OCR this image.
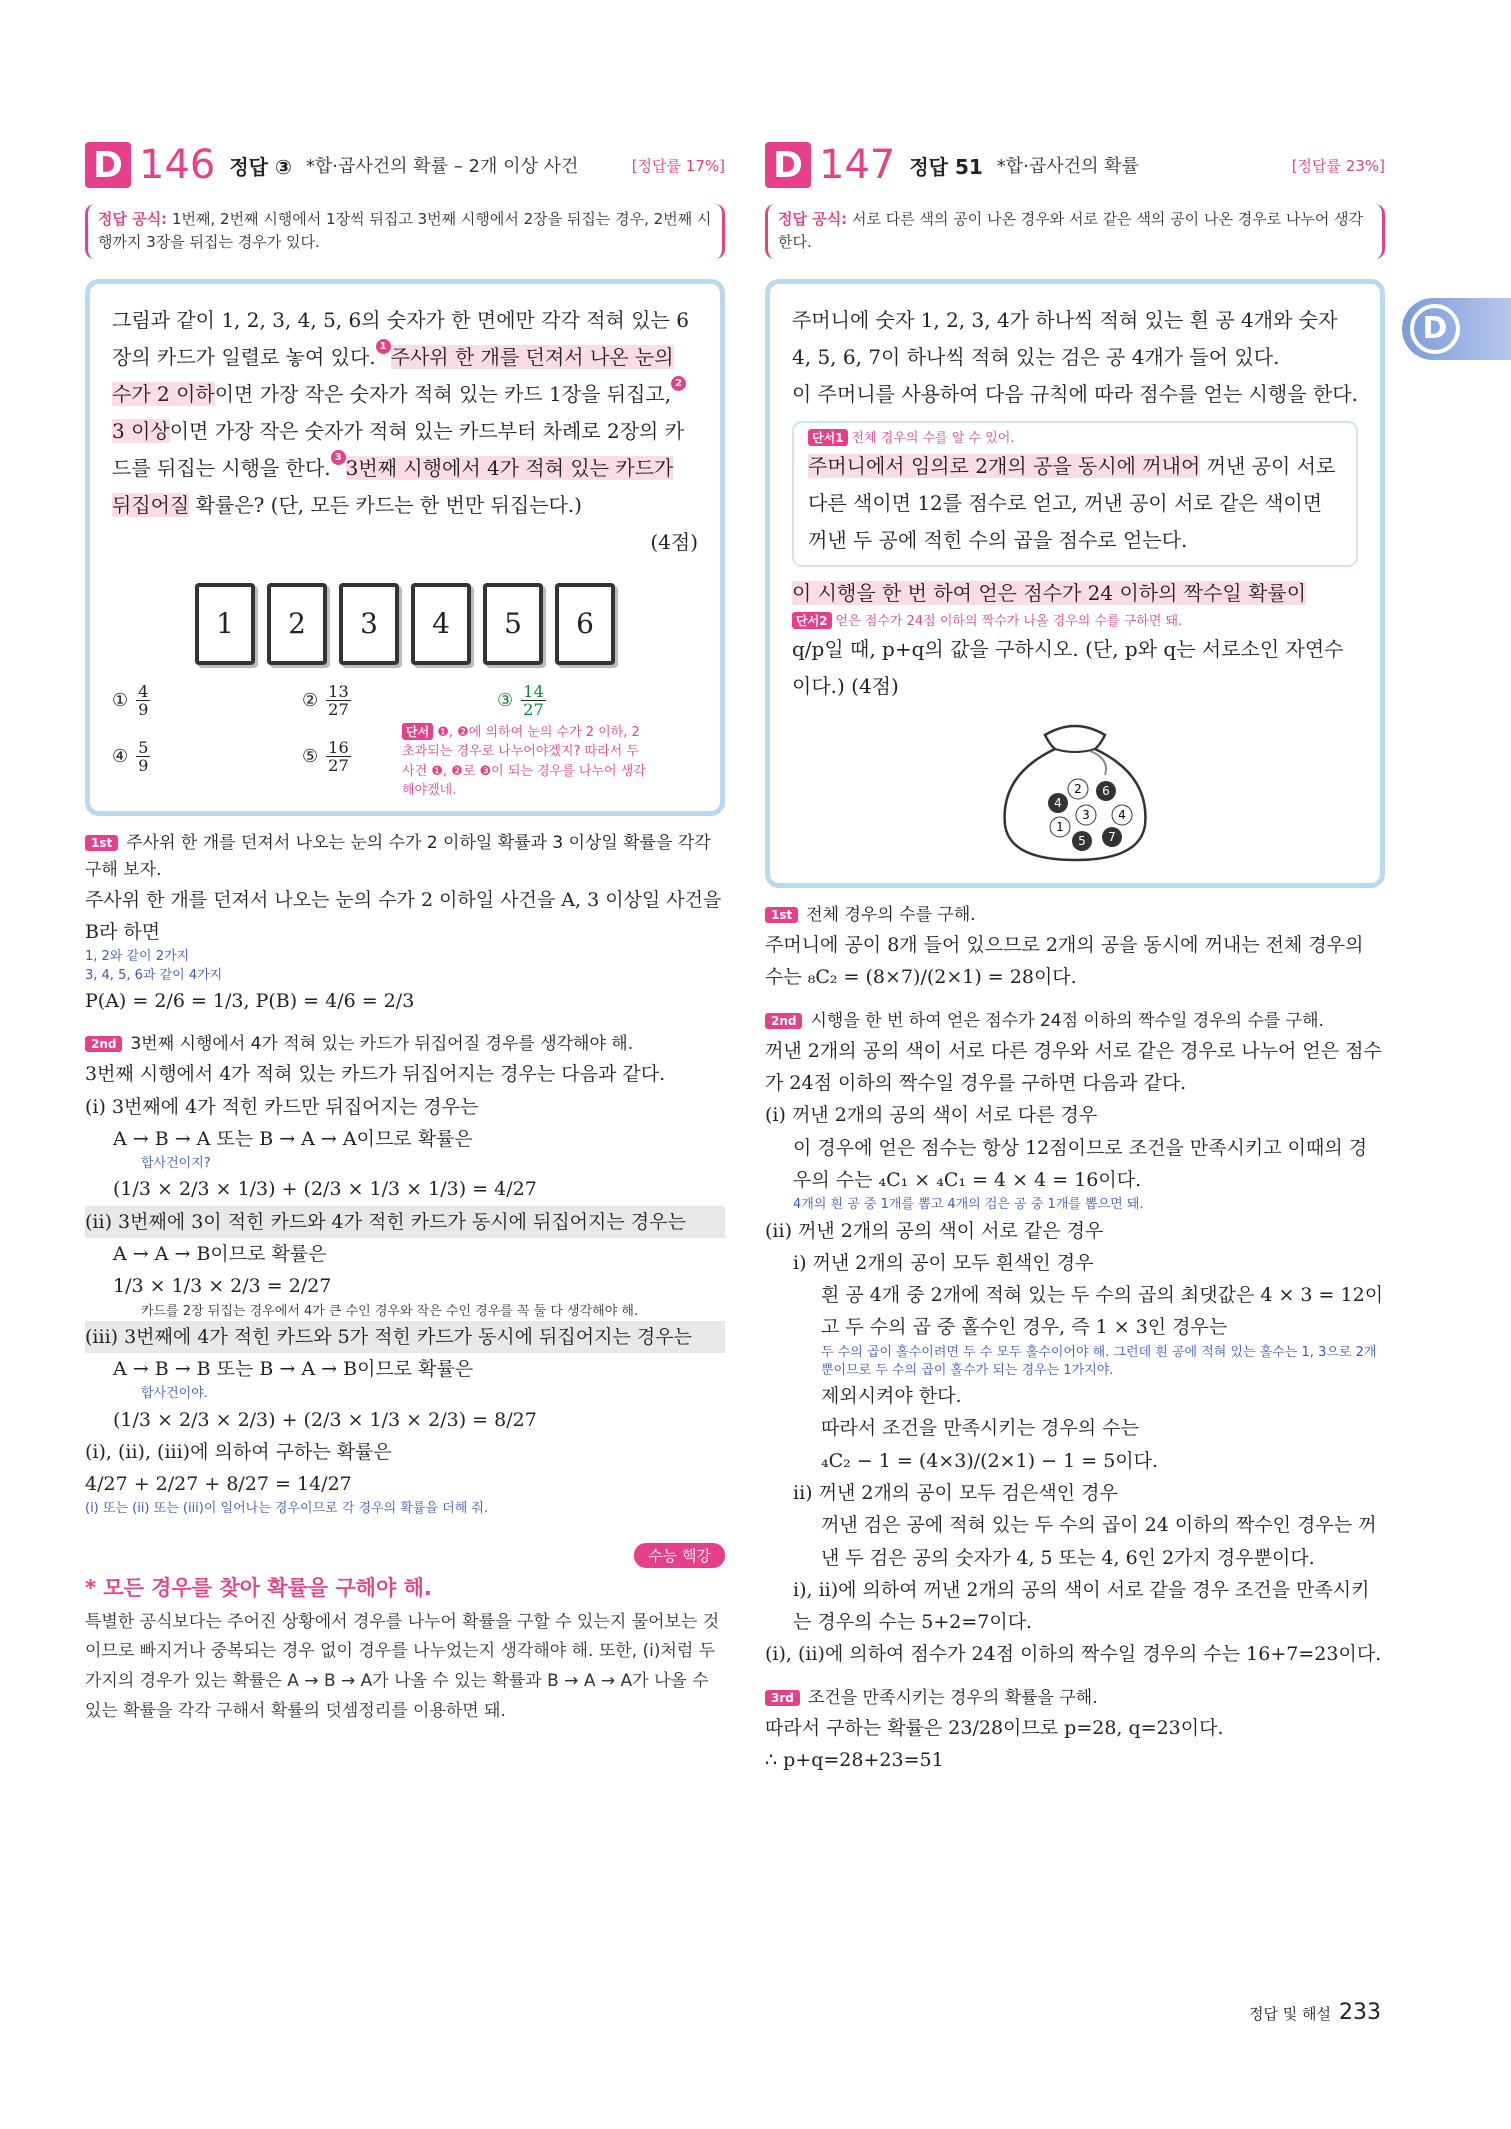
D 146 정답 ③ *합·곱사건의 확률 – 2개 이상 사건	[정답률 17%]
정답 공식: 1번째, 2번째 시행에서 1장씩 뒤집고 3번째 시행에서 2장을 뒤집는 경우, 2번째 시행까지 3장을 뒤집는 경우가 있다.
그림과 같이 1, 2, 3, 4, 5, 6의 숫자가 한 면에만 각각 적혀 있는 6장의 카드가 일렬로 놓여 있다. 1 주사위 한 개를 던져서 나온 눈의 수가 2 이하이면 가장 작은 숫자가 적혀 있는 카드 1장을 뒤집고, 23 이상이면 가장 작은 숫자가 적혀 있는 카드부터 차례로 2장의 카드를 뒤집는 시행을 한다. 3 3번째 시행에서 4가 적혀 있는 카드가 뒤집어질 확률은? (단, 모든 카드는 한 번만 뒤집는다.)
(4점)
1	2	3	4	5	6
① $\frac{4}{9}$	② $\frac{13}{27}$	③ $\frac{14}{27}$
④ $\frac{5}{9}$	⑤ $\frac{16}{27}$
단서 ❶, ❷에 의하여 눈의 수가 2 이하, 2 초과되는 경우로 나누어야겠지? 따라서 두 사건 ❶, ❷로 ❸이 되는 경우를 나누어 생각해야겠네.
1st 주사위 한 개를 던져서 나오는 눈의 수가 2 이하일 확률과 3 이상일 확률을 각각 구해 보자.
주사위 한 개를 던져서 나오는 눈의 수가 2 이하일 사건을 A, 3 이상일 사건을 B라 하면
1, 2와 같이 2가지
3, 4, 5, 6과 같이 4가지
P(A) = 2/6 = 1/3, P(B) = 4/6 = 2/3
2nd 3번째 시행에서 4가 적혀 있는 카드가 뒤집어질 경우를 생각해야 해.
3번째 시행에서 4가 적혀 있는 카드가 뒤집어지는 경우는 다음과 같다.
(i) 3번째에 4가 적힌 카드만 뒤집어지는 경우는
A → B → A 또는 B → A → A이므로 확률은
합사건이지?
(1/3 × 2/3 × 1/3) + (2/3 × 1/3 × 1/3) = 4/27
(ii) 3번째에 3이 적힌 카드와 4가 적힌 카드가 동시에 뒤집어지는 경우는
A → A → B이므로 확률은
1/3 × 1/3 × 2/3 = 2/27
카드를 2장 뒤집는 경우에서 4가 큰 수인 경우와 작은 수인 경우를 꼭 둘 다 생각해야 해.
(iii) 3번째에 4가 적힌 카드와 5가 적힌 카드가 동시에 뒤집어지는 경우는
A → B → B 또는 B → A → B이므로 확률은
합사건이야.
(1/3 × 2/3 × 2/3) + (2/3 × 1/3 × 2/3) = 8/27
(i), (ii), (iii)에 의하여 구하는 확률은
4/27 + 2/27 + 8/27 = 14/27
(i) 또는 (ii) 또는 (iii)이 일어나는 경우이므로 각 경우의 확률을 더해 줘.
수능 핵강
* 모든 경우를 찾아 확률을 구해야 해.
특별한 공식보다는 주어진 상황에서 경우를 나누어 확률을 구할 수 있는지 물어보는 것이므로 빠지거나 중복되는 경우 없이 경우를 나누었는지 생각해야 해. 또한, (i)처럼 두 가지의 경우가 있는 확률은 A → B → A가 나올 수 있는 확률과 B → A → A가 나올 수 있는 확률을 각각 구해서 확률의 덧셈정리를 이용하면 돼.
D 147 정답 51 *합·곱사건의 확률	[정답률 23%]
정답 공식: 서로 다른 색의 공이 나온 경우와 서로 같은 색의 공이 나온 경우로 나누어 생각한다.
주머니에 숫자 1, 2, 3, 4가 하나씩 적혀 있는 흰 공 4개와 숫자 4, 5, 6, 7이 하나씩 적혀 있는 검은 공 4개가 들어 있다.
이 주머니를 사용하여 다음 규칙에 따라 점수를 얻는 시행을 한다.
단서1 전체 경우의 수를 알 수 있어.
주머니에서 임의로 2개의 공을 동시에 꺼내어 꺼낸 공이 서로 다른 색이면 12를 점수로 얻고, 꺼낸 공이 서로 같은 색이면 꺼낸 두 공에 적힌 수의 곱을 점수로 얻는다.
이 시행을 한 번 하여 얻은 점수가 24 이하의 짝수일 확률이
단서2 얻은 점수가 24점 이하의 짝수가 나올 경우의 수를 구하면 돼.
q/p일 때, p+q의 값을 구하시오. (단, p와 q는 서로소인 자연수이다.) (4점)
1
2
3 4
4
5
6
7
1st 전체 경우의 수를 구해.
주머니에 공이 8개 들어 있으므로 2개의 공을 동시에 꺼내는 전체 경우의 수는 ₈C₂ = (8×7)/(2×1) = 28이다.
2nd 시행을 한 번 하여 얻은 점수가 24점 이하의 짝수일 경우의 수를 구해.
꺼낸 2개의 공의 색이 서로 다른 경우와 서로 같은 경우로 나누어 얻은 점수가 24점 이하의 짝수일 경우를 구하면 다음과 같다.
(i) 꺼낸 2개의 공의 색이 서로 다른 경우
이 경우에 얻은 점수는 항상 12점이므로 조건을 만족시키고 이때의 경우의 수는 ₄C₁ × ₄C₁ = 4 × 4 = 16이다.
4개의 흰 공 중 1개를 뽑고 4개의 검은 공 중 1개를 뽑으면 돼.
(ii) 꺼낸 2개의 공의 색이 서로 같은 경우
i) 꺼낸 2개의 공이 모두 흰색인 경우
흰 공 4개 중 2개에 적혀 있는 두 수의 곱의 최댓값은 4 × 3 = 12이고 두 수의 곱 중 홀수인 경우, 즉 1 × 3인 경우는
두 수의 곱이 홀수이려면 두 수 모두 홀수이어야 해. 그런데 흰 공에 적혀 있는 홀수는 1, 3으로 2개뿐이므로 두 수의 곱이 홀수가 되는 경우는 1가지야.
제외시켜야 한다.
따라서 조건을 만족시키는 경우의 수는
₄C₂ − 1 = (4×3)/(2×1) − 1 = 5이다.
ii) 꺼낸 2개의 공이 모두 검은색인 경우
꺼낸 검은 공에 적혀 있는 두 수의 곱이 24 이하의 짝수인 경우는 꺼낸 두 검은 공의 숫자가 4, 5 또는 4, 6인 2가지 경우뿐이다.
i), ii)에 의하여 꺼낸 2개의 공의 색이 서로 같을 경우 조건을 만족시키는 경우의 수는 5+2=7이다.
(i), (ii)에 의하여 점수가 24점 이하의 짝수일 경우의 수는 16+7=23이다.
3rd 조건을 만족시키는 경우의 확률을 구해.
따라서 구하는 확률은 23/28이므로 p=28, q=23이다.
∴ p+q=28+23=51
D
정답 및 해설 233
